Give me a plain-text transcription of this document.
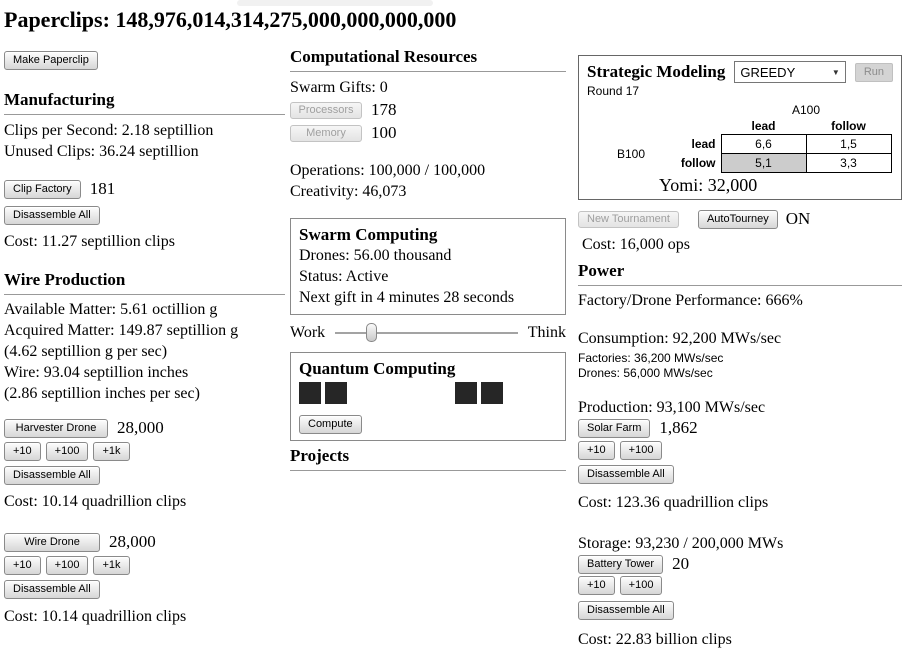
Paperclips: 148,976,014,314,275,000,000,000,000
Make Paperclip
Manufacturing
Clips per Second: 2.18 septillion
Unused Clips: 36.24 septillion
Clip Factory	181
Disassemble All
Cost: 11.27 septillion clips
Wire Production
Available Matter: 5.61 octillion g
Acquired Matter: 149.87 septillion g
(4.62 septillion g per sec)
Wire: 93.04 septillion inches
(2.86 septillion inches per sec)
Harvester Drone	28,000
+10	+100	+1k
Disassemble All
Cost: 10.14 quadrillion clips
Wire Drone	28,000
+10	+100	+1k
Disassemble All
Cost: 10.14 quadrillion clips
Computational Resources
Swarm Gifts: 0
Processors	178
Memory	100
Operations: 100,000 / 100,000
Creativity: 46,073
Swarm Computing
Drones: 56.00 thousand
Status: Active
Next gift in 4 minutes 28 seconds
Work	Think
Quantum Computing
Compute
Projects
Strategic Modeling GREEDY	▼	Run
Round 17
		A100	
		lead	follow
B100	lead	6,6	1,5
	follow	5,1	3,3
Yomi: 32,000
New Tournament	AutoTourney	ON
Cost: 16,000 ops
Power
Factory/Drone Performance: 666%
Consumption: 92,200 MWs/sec
Factories: 36,200 MWs/sec
Drones: 56,000 MWs/sec
Production: 93,100 MWs/sec
Solar Farm	1,862
+10	+100
Disassemble All
Cost: 123.36 quadrillion clips
Storage: 93,230 / 200,000 MWs
Battery Tower	20
+10	+100
Disassemble All
Cost: 22.83 billion clips
